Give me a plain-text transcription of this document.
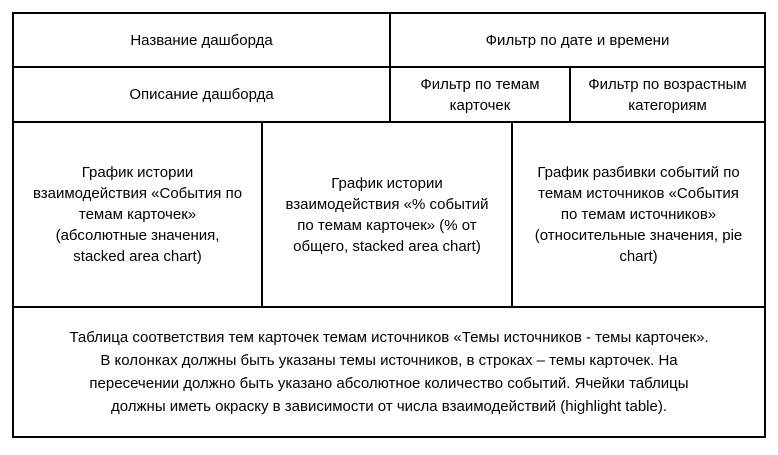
Название дашборда	Фильтр по дате и времени
Описание дашборда
Фильтр по темам
карточек
Фильтр по возрастным
категориям
График истории
взаимодействия «События по
темам карточек»
(абсолютные значения,
stacked area chart)
График истории
взаимодействия «% событий
по темам карточек» (% от
общего, stacked area chart)
График разбивки событий по
темам источников «События
по темам источников»
(относительные значения, pie
chart)
Таблица соответствия тем карточек темам источников «Темы источников - темы карточек».
В колонках должны быть указаны темы источников, в строках – темы карточек. На
пересечении должно быть указано абсолютное количество событий. Ячейки таблицы
должны иметь окраску в зависимости от числа взаимодействий (highlight table).
